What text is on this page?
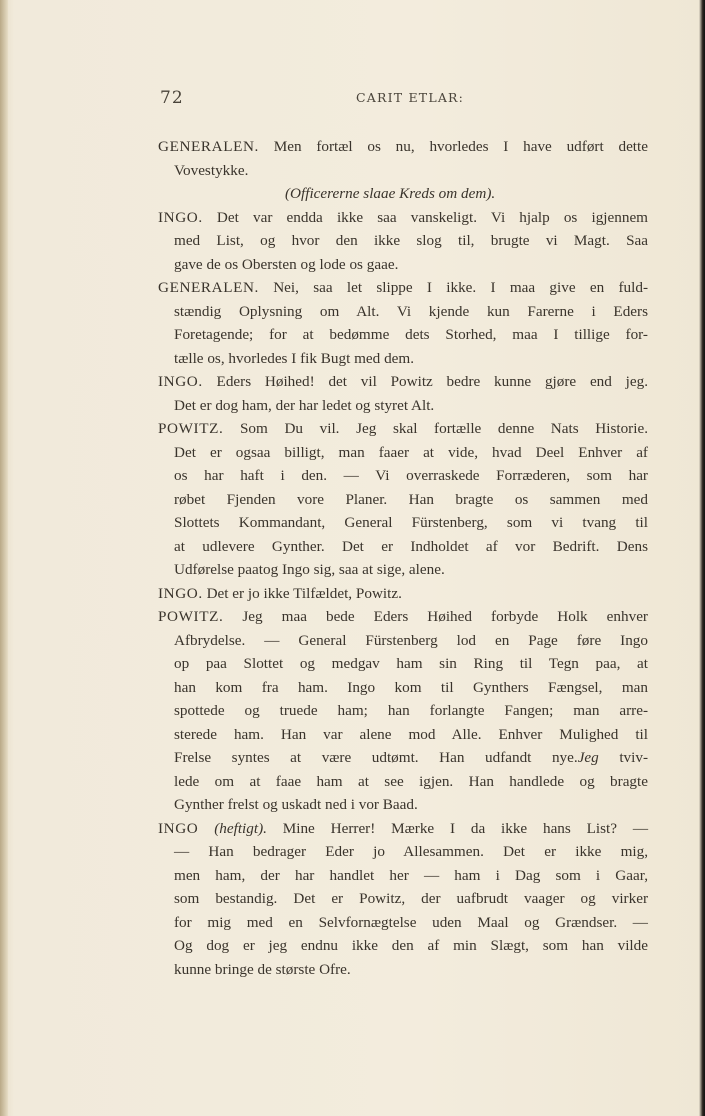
72	CARIT ETLAR:
GENERALEN. Men fortæl os nu, hvorledes I have udført dette
Vovestykke.
(Officererne slaae Kreds om dem).
INGO. Det var endda ikke saa vanskeligt. Vi hjalp os igjennem
med List, og hvor den ikke slog til, brugte vi Magt. Saa
gave de os Obersten og lode os gaae.
GENERALEN. Nei, saa let slippe I ikke. I maa give en fuld-
stændig Oplysning om Alt. Vi kjende kun Farerne i Eders
Foretagende; for at bedømme dets Storhed, maa I tillige for-
tælle os, hvorledes I fik Bugt med dem.
INGO. Eders Høihed! det vil Powitz bedre kunne gjøre end jeg.
Det er dog ham, der har ledet og styret Alt.
POWITZ. Som Du vil. Jeg skal fortælle denne Nats Historie.
Det er ogsaa billigt, man faaer at vide, hvad Deel Enhver af
os har haft i den. — Vi overraskede Forræderen, som har
røbet Fjenden vore Planer. Han bragte os sammen med
Slottets Kommandant, General Fürstenberg, som vi tvang til
at udlevere Gynther. Det er Indholdet af vor Bedrift. Dens
Udførelse paatog Ingo sig, saa at sige, alene.
INGO. Det er jo ikke Tilfældet, Powitz.
POWITZ. Jeg maa bede Eders Høihed forbyde Holk enhver
Afbrydelse. — General Fürstenberg lod en Page føre Ingo
op paa Slottet og medgav ham sin Ring til Tegn paa, at
han kom fra ham. Ingo kom til Gynthers Fængsel, man
spottede og truede ham; han forlangte Fangen; man arre-
sterede ham. Han var alene mod Alle. Enhver Mulighed til
Frelse syntes at være udtømt. Han udfandt nye.Jeg tviv-
lede om at faae ham at see igjen. Han handlede og bragte
Gynther frelst og uskadt ned i vor Baad.
INGO (heftigt). Mine Herrer! Mærke I da ikke hans List? —
— Han bedrager Eder jo Allesammen. Det er ikke mig,
men ham, der har handlet her — ham i Dag som i Gaar,
som bestandig. Det er Powitz, der uafbrudt vaager og virker
for mig med en Selvfornægtelse uden Maal og Grændser. —
Og dog er jeg endnu ikke den af min Slægt, som han vilde
kunne bringe de største Ofre.
